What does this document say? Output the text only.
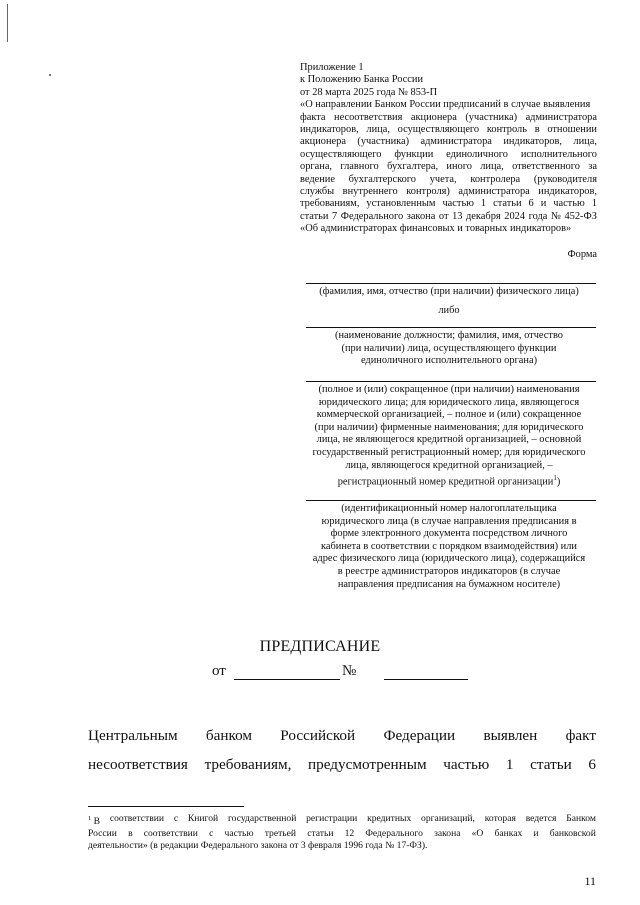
Приложение 1
к Положению Банка России
от 28 марта 2025 года № 853-П
«О направлении Банком России предписаний в случае выявления
факта несоответствия акционера (участника) администратора
индикаторов, лица, осуществляющего контроль в отношении
акционера (участника) администратора индикаторов, лица,
осуществляющего функции единоличного исполнительного
органа, главного бухгалтера, иного лица, ответственного за
ведение бухгалтерского учета, контролера (руководителя
службы внутреннего контроля) администратора индикаторов,
требованиям, установленным частью 1 статьи 6 и частью 1
статьи 7 Федерального закона от 13 декабря 2024 года № 452-ФЗ
«Об администраторах финансовых и товарных индикаторов»
Форма
(фамилия, имя, отчество (при наличии) физического лица)
либо
(наименование должности; фамилия, имя, отчество
(при наличии) лица, осуществляющего функции
единоличного исполнительного органа)
(полное и (или) сокращенное (при наличии) наименования
юридического лица; для юридического лица, являющегося
коммерческой организацией, – полное и (или) сокращенное
(при наличии) фирменные наименования; для юридического
лица, не являющегося кредитной организацией, – основной
государственный регистрационный номер; для юридического
лица, являющегося кредитной организацией, –
регистрационный номер кредитной организации$^1$)
(идентификационный номер налогоплательщика
юридического лица (в случае направления предписания в
форме электронного документа посредством личного
кабинета в соответствии с порядком взаимодействия) или
адрес физического лица (юридического лица), содержащийся
в реестре администраторов индикаторов (в случае
направления предписания на бумажном носителе)
ПРЕДПИСАНИЕ
от	№
Центральным банком Российской Федерации выявлен факт
несоответствия требованиям, предусмотренным частью 1 статьи 6
$^1$ В соответствии с Книгой государственной регистрации кредитных организаций, которая ведется Банком
России в соответствии с частью третьей статьи 12 Федерального закона «О банках и банковской
деятельности» (в редакции Федерального закона от 3 февраля 1996 года № 17-ФЗ).
11
